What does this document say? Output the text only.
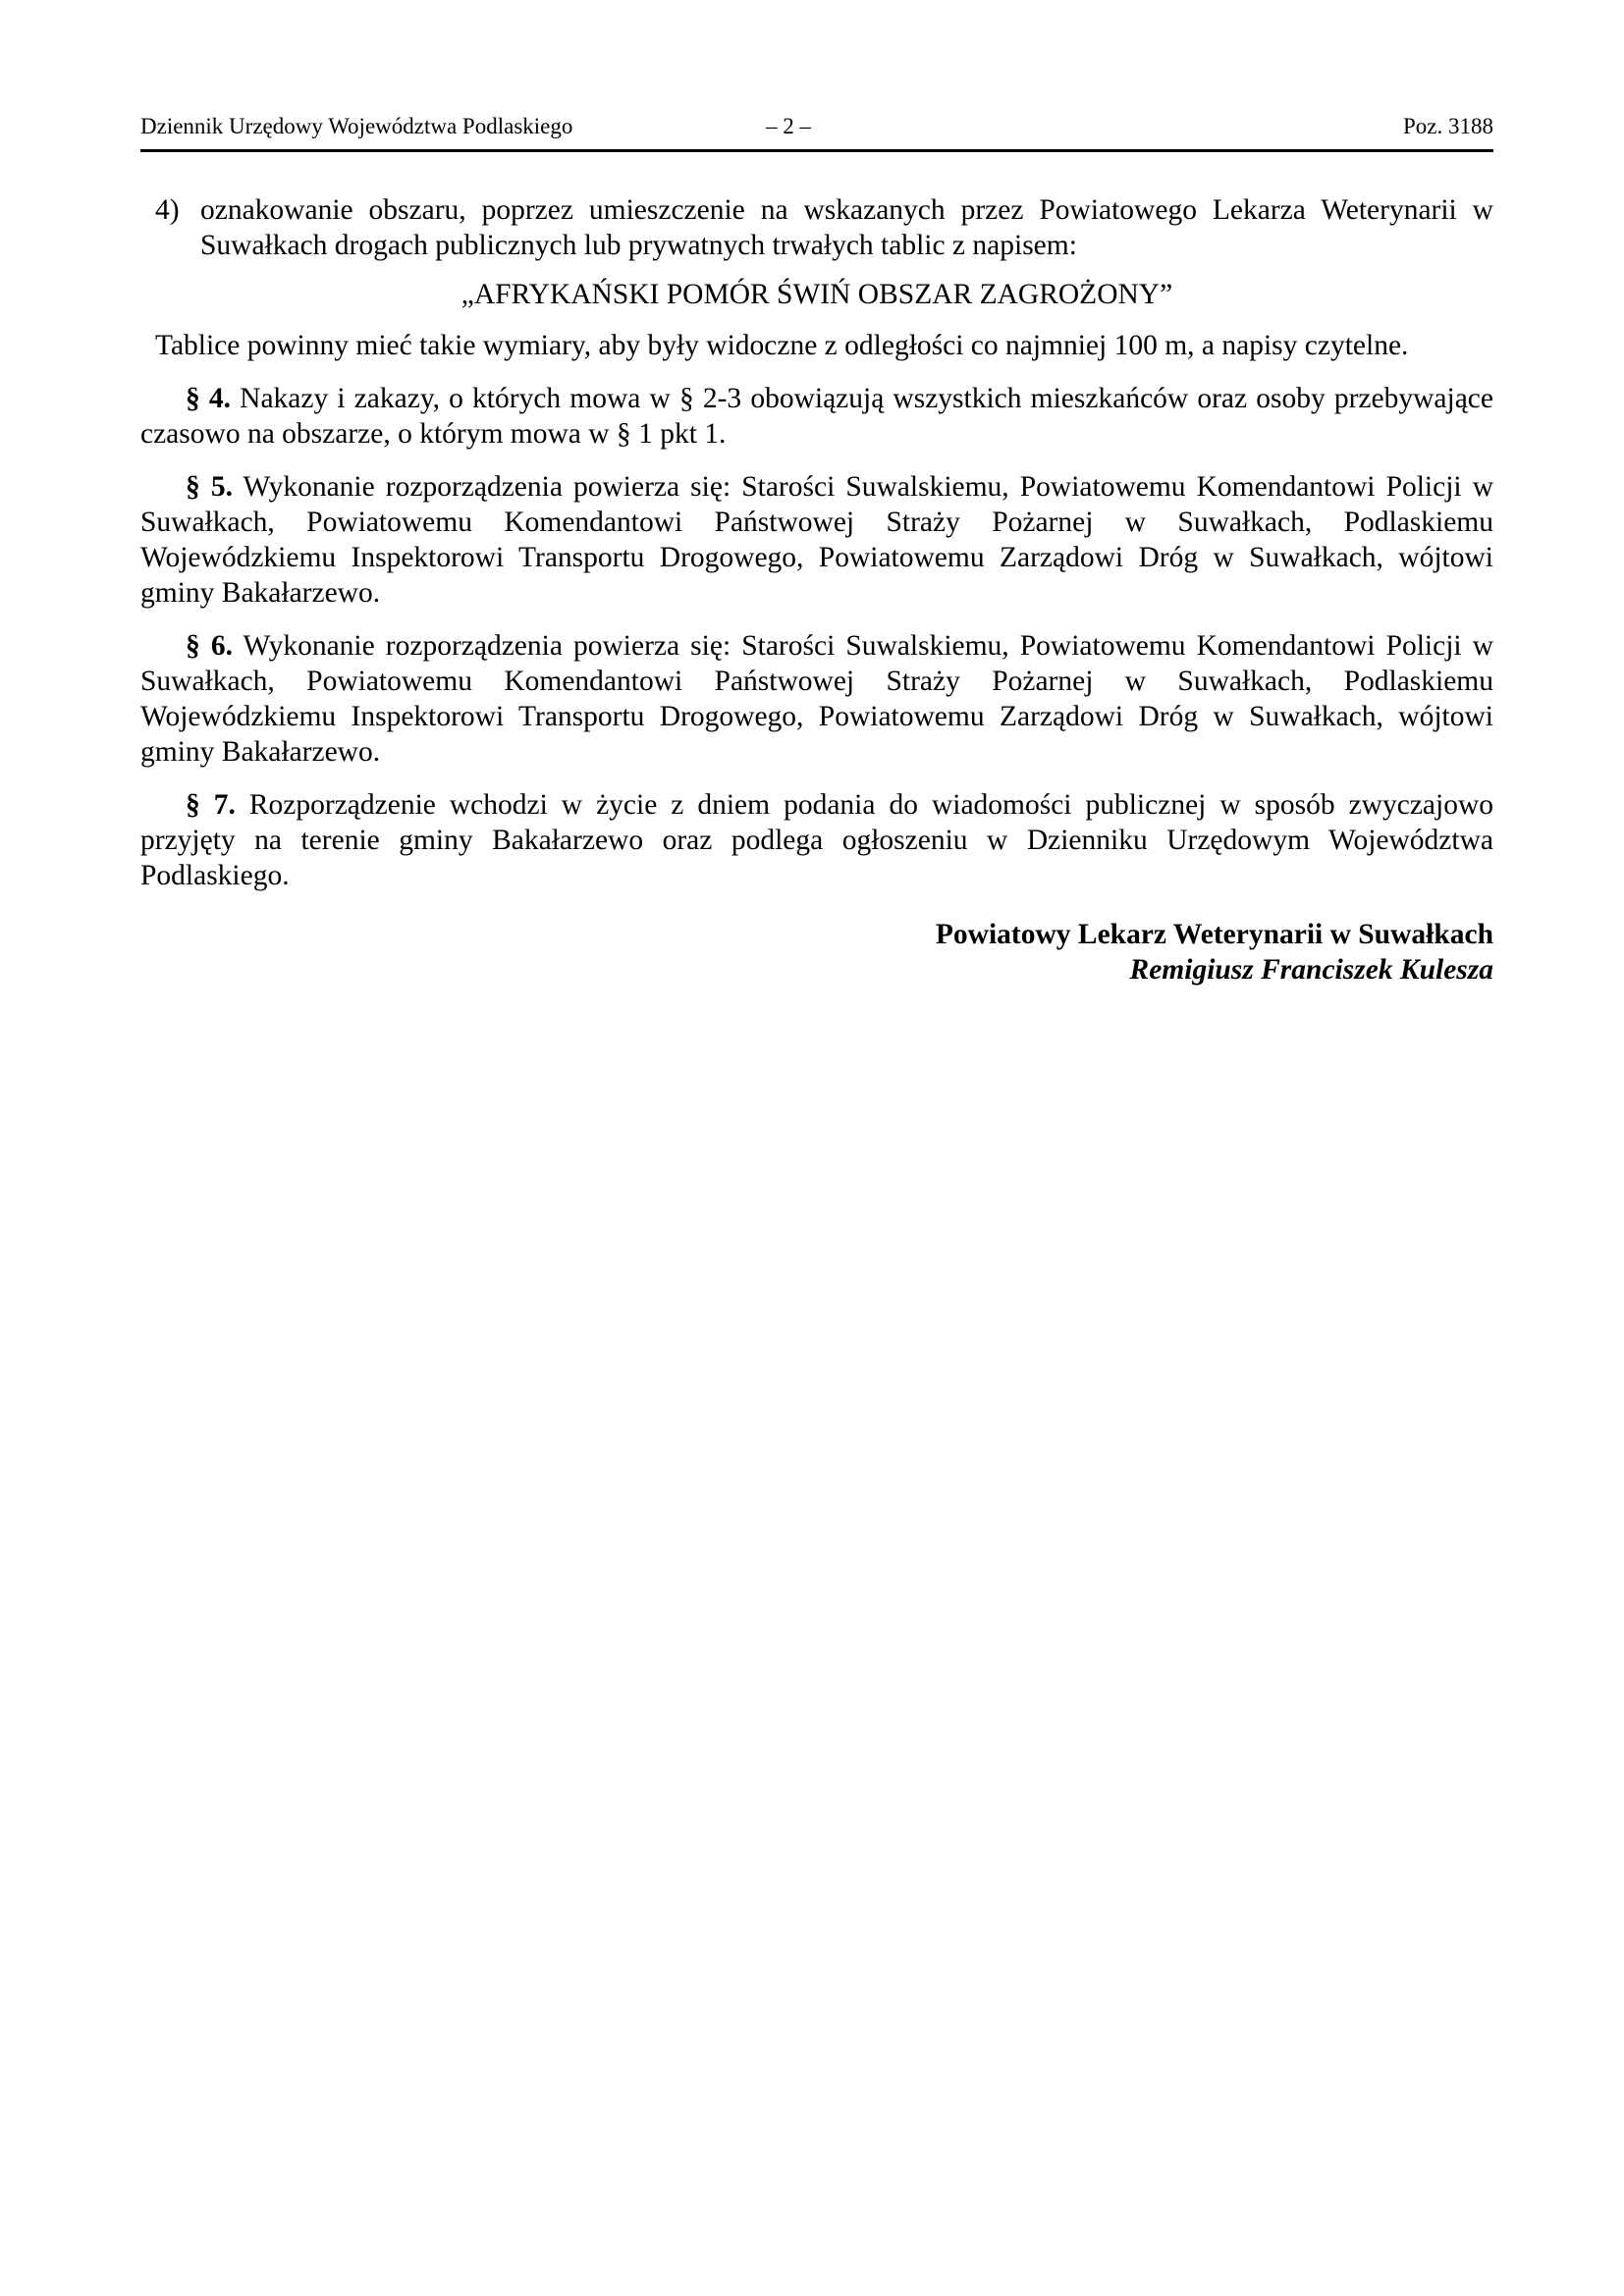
Dziennik Urzędowy Województwa Podlaskiego	– 2 –	Poz. 3188
4) oznakowanie obszaru, poprzez umieszczenie na wskazanych przez Powiatowego Lekarza Weterynarii w Suwałkach drogach publicznych lub prywatnych trwałych tablic z napisem:

„AFRYKAŃSKI POMÓR ŚWIŃ OBSZAR ZAGROŻONY”

Tablice powinny mieć takie wymiary, aby były widoczne z odległości co najmniej 100 m, a napisy czytelne.

§ 4. Nakazy i zakazy, o których mowa w § 2-3 obowiązują wszystkich mieszkańców oraz osoby przebywające czasowo na obszarze, o którym mowa w § 1 pkt 1.

§ 5. Wykonanie rozporządzenia powierza się: Starości Suwalskiemu, Powiatowemu Komendantowi Policji w Suwałkach, Powiatowemu Komendantowi Państwowej Straży Pożarnej w Suwałkach, Podlaskiemu Wojewódzkiemu Inspektorowi Transportu Drogowego, Powiatowemu Zarządowi Dróg w Suwałkach, wójtowi gminy Bakałarzewo.

§ 6. Wykonanie rozporządzenia powierza się: Starości Suwalskiemu, Powiatowemu Komendantowi Policji w Suwałkach, Powiatowemu Komendantowi Państwowej Straży Pożarnej w Suwałkach, Podlaskiemu Wojewódzkiemu Inspektorowi Transportu Drogowego, Powiatowemu Zarządowi Dróg w Suwałkach, wójtowi gminy Bakałarzewo.

§ 7. Rozporządzenie wchodzi w życie z dniem podania do wiadomości publicznej w sposób zwyczajowo przyjęty na terenie gminy Bakałarzewo oraz podlega ogłoszeniu w Dzienniku Urzędowym Województwa Podlaskiego.

Powiatowy Lekarz Weterynarii w Suwałkach
Remigiusz Franciszek Kulesza
